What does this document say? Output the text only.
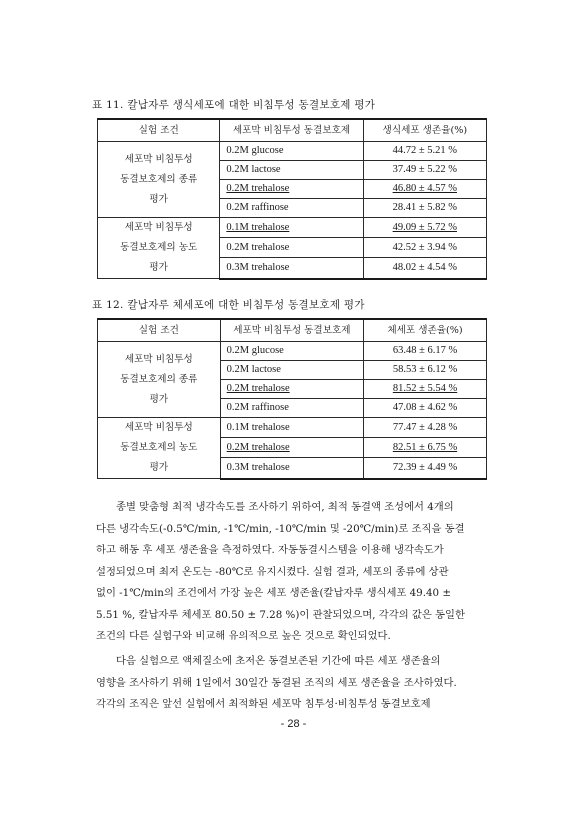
표 11. 칼납자루 생식세포에 대한 비침투성 동결보호제 평가
실험 조건	세포막 비침투성 동결보호제	생식세포 생존율(%)

세포막 비침투성
동결보호제의 종류
평가	0.2M glucose	44.72 ± 5.21 %
	0.2M lactose	37.49 ± 5.22 %
	0.2M trehalose	46.80 ± 4.57 %
	0.2M raffinose	28.41 ± 5.82 %

세포막 비침투성
동결보호제의 농도
평가	0.1M trehalose	49.09 ± 5.72 %
	0.2M trehalose	42.52 ± 3.94 %
	0.3M trehalose	48.02 ± 4.54 %
표 12. 칼납자루 체세포에 대한 비침투성 동결보호제 평가
실험 조건	세포막 비침투성 동결보호제	체세포 생존율(%)

세포막 비침투성
동결보호제의 종류
평가	0.2M glucose	63.48 ± 6.17 %
	0.2M lactose	58.53 ± 6.12 %
	0.2M trehalose	81.52 ± 5.54 %
	0.2M raffinose	47.08 ± 4.62 %

세포막 비침투성
동결보호제의 농도
평가	0.1M trehalose	77.47 ± 4.28 %
	0.2M trehalose	82.51 ± 6.75 %
	0.3M trehalose	72.39 ± 4.49 %
종별 맞춤형 최적 냉각속도를 조사하기 위하여, 최적 동결액 조성에서 4개의
다른 냉각속도(-0.5℃/min, -1℃/min, -10℃/min 및 -20℃/min)로 조직을 동결
하고 해동 후 세포 생존율을 측정하였다. 자동동결시스템을 이용해 냉각속도가
설정되었으며 최저 온도는 -80℃로 유지시켰다. 실험 결과, 세포의 종류에 상관
없이 -1℃/min의 조건에서 가장 높은 세포 생존율(칼납자루 생식세포 49.40 ±
5.51 %, 칼납자루 체세포 80.50 ± 7.28 %)이 관찰되었으며, 각각의 값은 동일한
조건의 다른 실험구와 비교해 유의적으로 높은 것으로 확인되었다.
다음 실험으로 액체질소에 초저온 동결보존된 기간에 따른 세포 생존율의
영향을 조사하기 위해 1일에서 30일간 동결된 조직의 세포 생존율을 조사하였다.
각각의 조직은 앞선 실험에서 최적화된 세포막 침투성·비침투성 동결보호제
- 28 -
